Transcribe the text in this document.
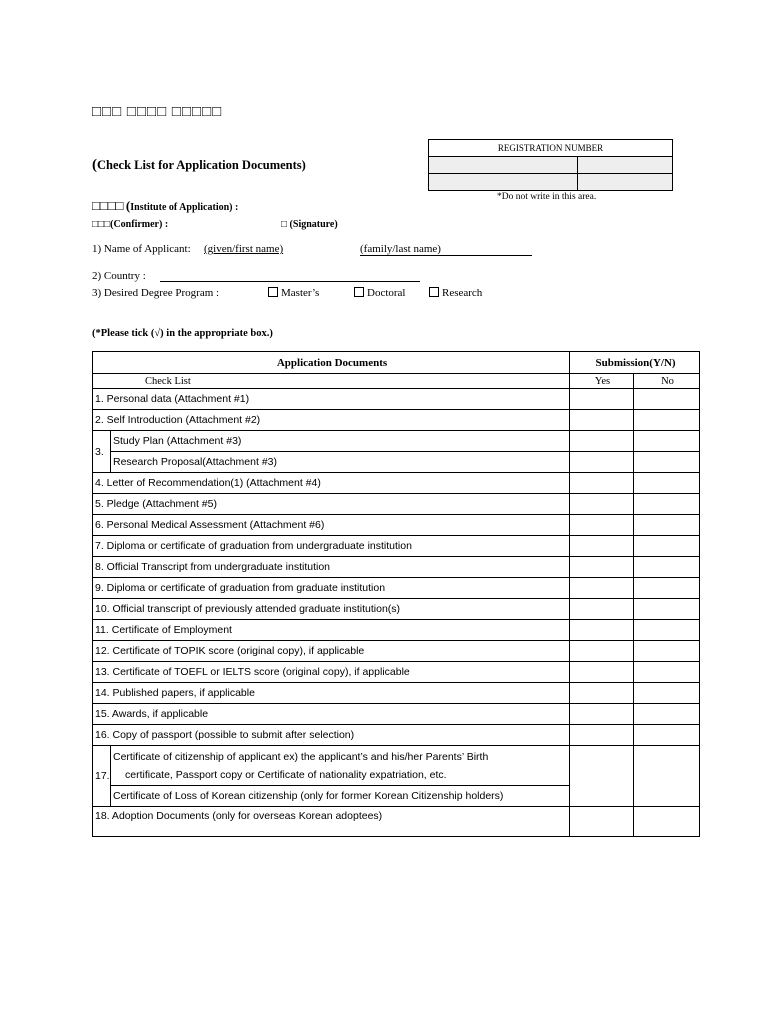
□□□ □□□□ □□□□□
(Check List for Application Documents)
REGISTRATION NUMBER	

*Do not write in this area.
□□□□ (Institute of Application) :
□□□(Confirmer) :	□ (Signature)
1) Name of Applicant: (given/first name)	(family/last name)
2) Country :
3) Desired Degree Program :	Master’s	Doctoral	Research
(*Please tick (√) in the appropriate box.)
Application Documents		Submission(Y/N)	
Check List		Yes	No
1. Personal data (Attachment #1)			
2. Self Introduction (Attachment #2)			
3.	Study Plan (Attachment #3)		
	Research Proposal(Attachment #3)		
4. Letter of Recommendation(1) (Attachment #4)			
5. Pledge (Attachment #5)			
6. Personal Medical Assessment (Attachment #6)			
7. Diploma or certificate of graduation from undergraduate institution			
8. Official Transcript from undergraduate institution			
9. Diploma or certificate of graduation from graduate institution			
10. Official transcript of previously attended graduate institution(s)			
11. Certificate of Employment			
12. Certificate of TOPIK score (original copy), if applicable			
13. Certificate of TOEFL or IELTS score (original copy), if applicable			
14. Published papers, if applicable			
15. Awards, if applicable			
16. Copy of passport (possible to submit after selection)			
17.	Certificate of citizenship of applicant ex) the applicant’s and his/her Parents’ Birth
certificate, Passport copy or Certificate of nationality expatriation, etc.		

	Certificate of Loss of Korean citizenship (only for former Korean Citizenship holders)		
18. Adoption Documents (only for overseas Korean adoptees)			
